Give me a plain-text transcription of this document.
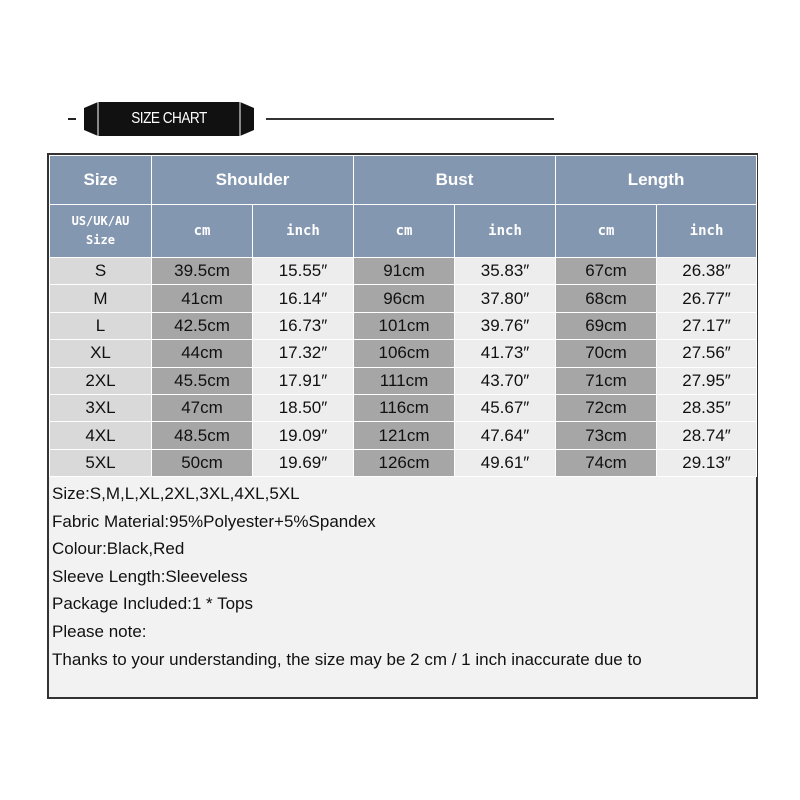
SIZE CHART
Size	Shoulder		Bust		Length	
US/UK/AU
Size	cm	inch	cm	inch	cm	inch
S	39.5cm	15.55″	91cm	35.83″	67cm	26.38″
M	41cm	16.14″	96cm	37.80″	68cm	26.77″
L	42.5cm	16.73″	101cm	39.76″	69cm	27.17″
XL	44cm	17.32″	106cm	41.73″	70cm	27.56″
2XL	45.5cm	17.91″	111cm	43.70″	71cm	27.95″
3XL	47cm	18.50″	116cm	45.67″	72cm	28.35″
4XL	48.5cm	19.09″	121cm	47.64″	73cm	28.74″
5XL	50cm	19.69″	126cm	49.61″	74cm	29.13″
Size:S,M,L,XL,2XL,3XL,4XL,5XL
Fabric Material:95%Polyester+5%Spandex
Colour:Black,Red
Sleeve Length:Sleeveless
Package Included:1 * Tops
Please note:
Thanks to your understanding, the size may be 2 cm / 1 inch inaccurate due to
